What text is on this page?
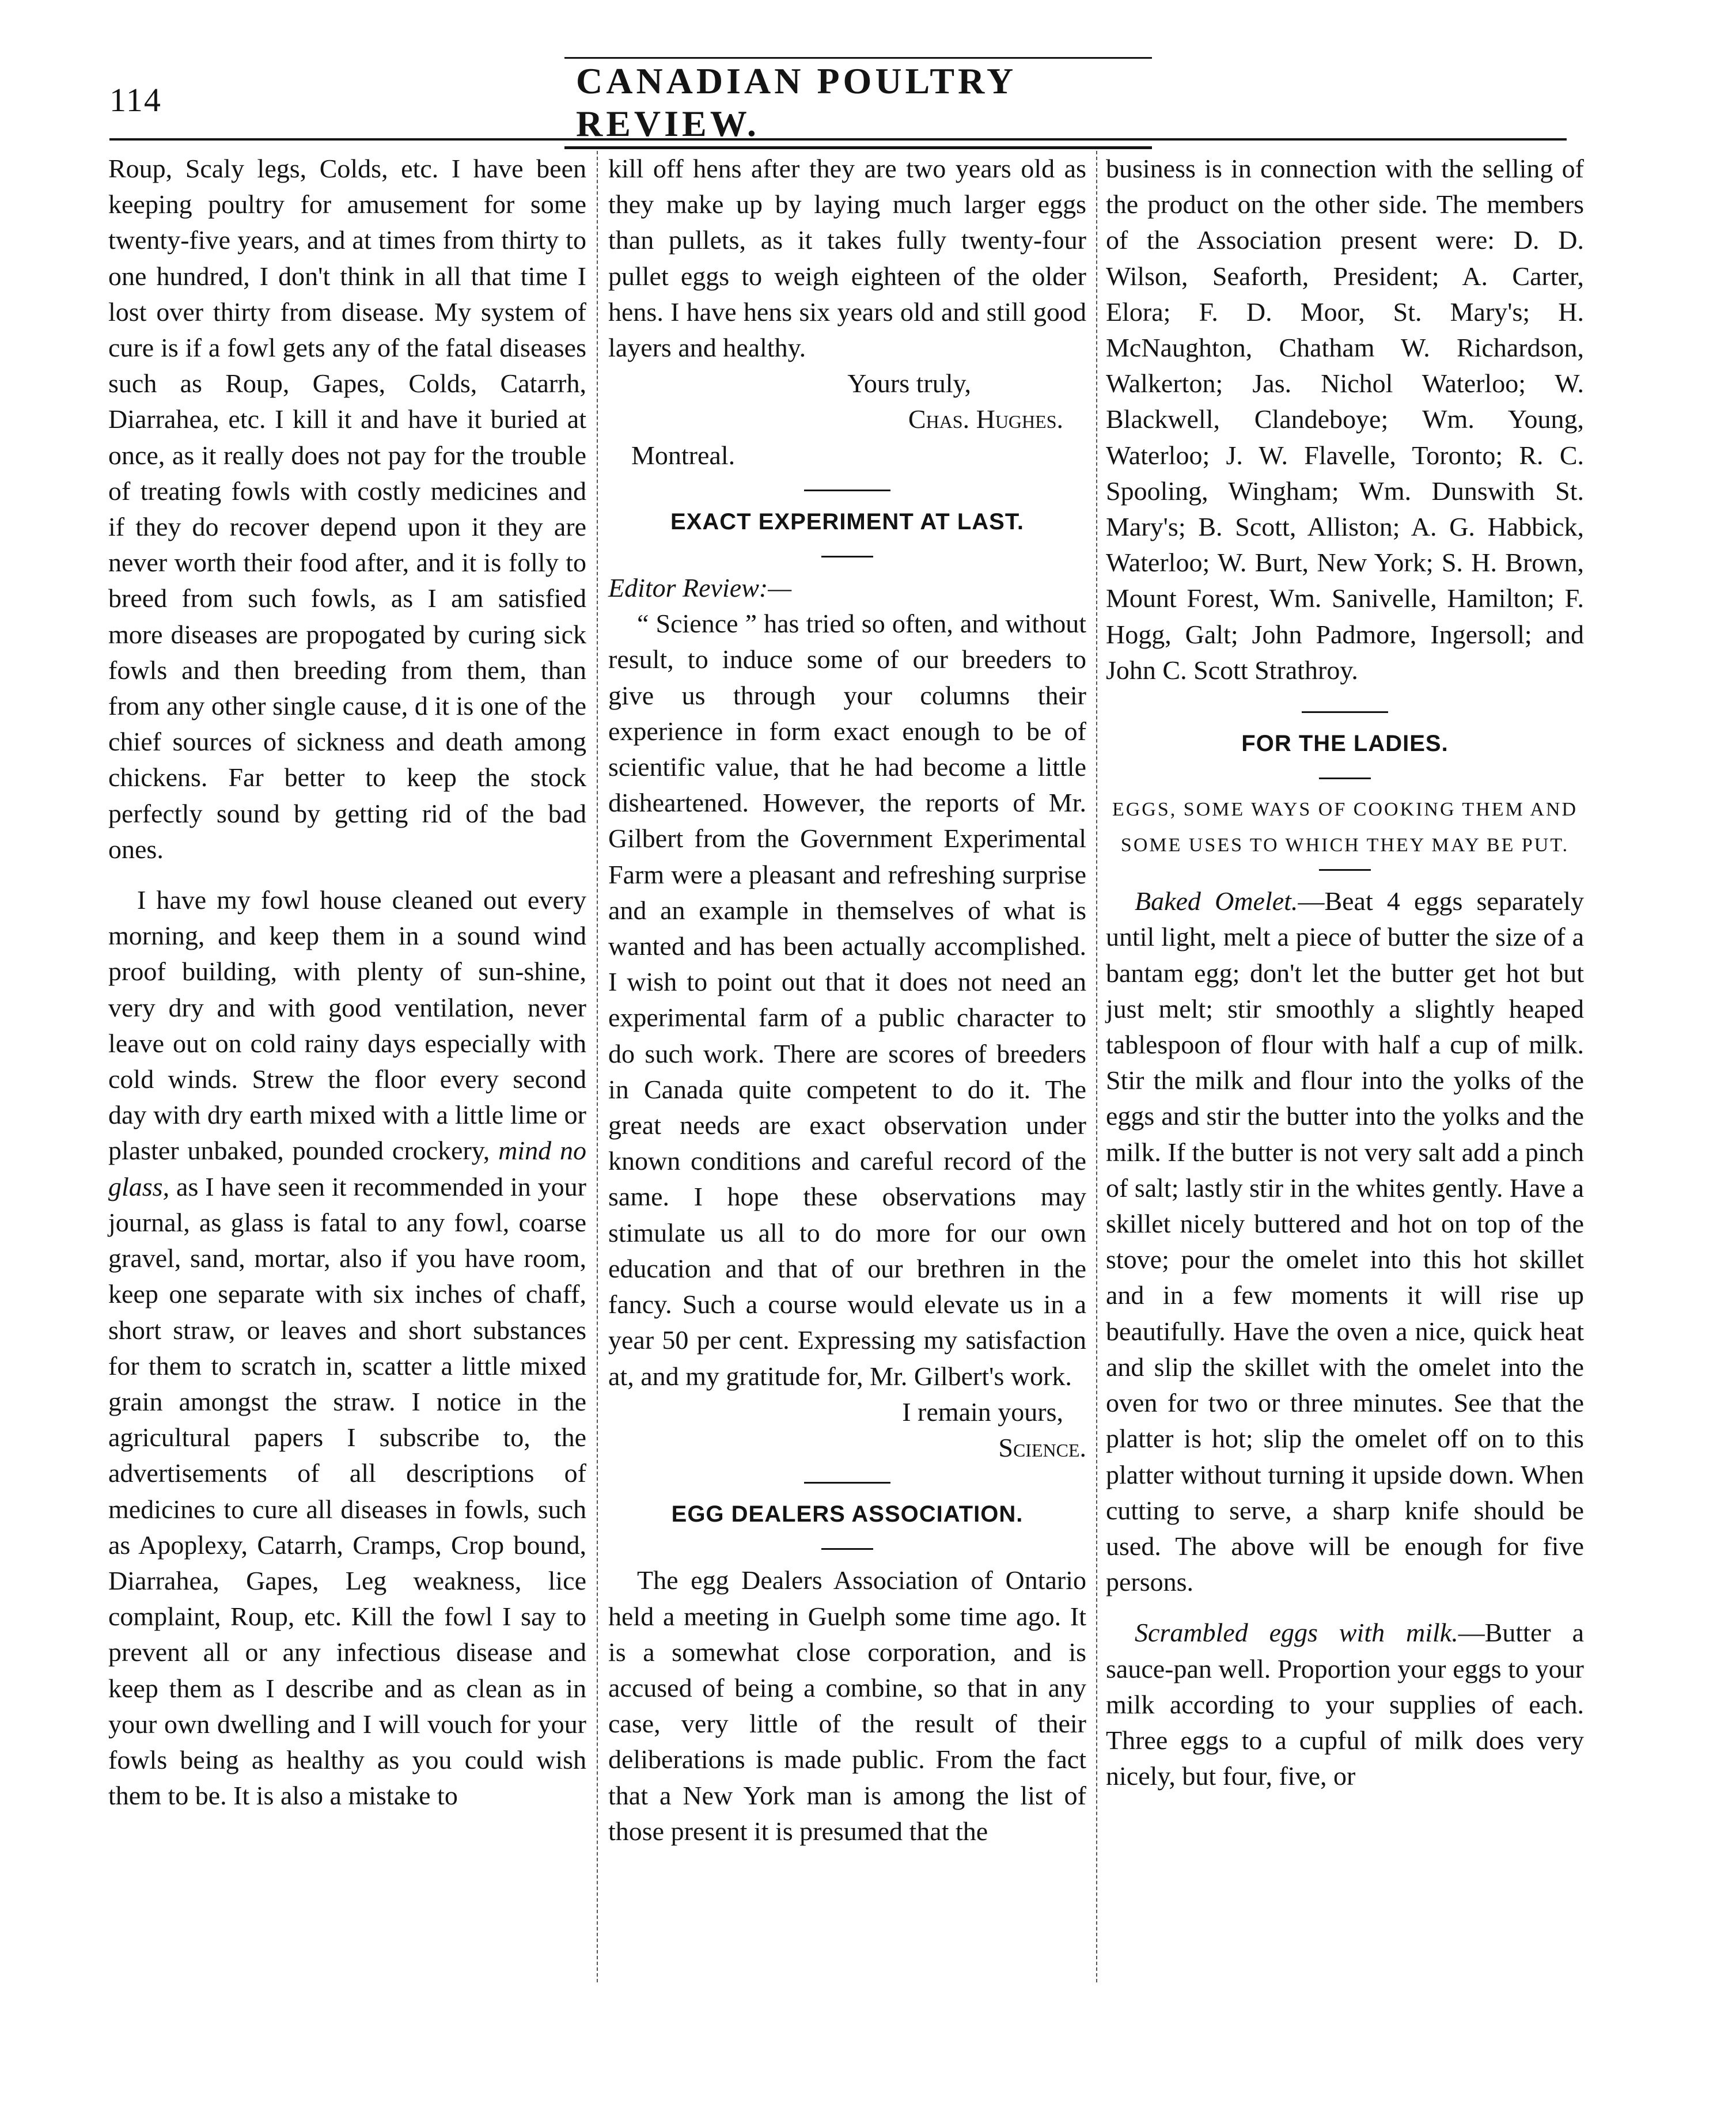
114	CANADIAN POULTRY REVIEW.

Roup, Scaly legs, Colds, etc. I have been keeping poultry for amusement for some twenty-five years, and at times from thirty to one hundred, I don't think in all that time I lost over thirty from disease. My system of cure is if a fowl gets any of the fatal diseases such as Roup, Gapes, Colds, Catarrh, Diarrahea, etc. I kill it and have it buried at once, as it really does not pay for the trouble of treating fowls with costly medicines and if they do recover depend upon it they are never worth their food after, and it is folly to breed from such fowls, as I am satisfied more diseases are propogated by curing sick fowls and then breeding from them, than from any other single cause, d it is one of the chief sources of sickness and death among chickens. Far better to keep the stock perfectly sound by getting rid of the bad ones.

I have my fowl house cleaned out every morning, and keep them in a sound wind proof building, with plenty of sun-shine, very dry and with good ventilation, never leave out on cold rainy days especially with cold winds. Strew the floor every second day with dry earth mixed with a little lime or plaster unbaked, pounded crockery, mind no glass, as I have seen it recommended in your journal, as glass is fatal to any fowl, coarse gravel, sand, mortar, also if you have room, keep one separate with six inches of chaff, short straw, or leaves and short substances for them to scratch in, scatter a little mixed grain amongst the straw. I notice in the agricultural papers I subscribe to, the advertisements of all descriptions of medicines to cure all diseases in fowls, such as Apoplexy, Catarrh, Cramps, Crop bound, Diarrahea, Gapes, Leg weakness, lice complaint, Roup, etc. Kill the fowl I say to prevent all or any infectious disease and keep them as I describe and as clean as in your own dwelling and I will vouch for your fowls being as healthy as you could wish them to be. It is also a mistake to

kill off hens after they are two years old as they make up by laying much larger eggs than pullets, as it takes fully twenty-four pullet eggs to weigh eighteen of the older hens. I have hens six years old and still good layers and healthy.

Yours truly,

Chas. Hughes.

Montreal.

EXACT EXPERIMENT AT LAST.

Editor Review:—

“ Science ” has tried so often, and without result, to induce some of our breeders to give us through your columns their experience in form exact enough to be of scientific value, that he had become a little disheartened. However, the reports of Mr. Gilbert from the Government Experimental Farm were a pleasant and refreshing surprise and an example in themselves of what is wanted and has been actually accomplished. I wish to point out that it does not need an experimental farm of a public character to do such work. There are scores of breeders in Canada quite competent to do it. The great needs are exact observation under known conditions and careful record of the same. I hope these observations may stimulate us all to do more for our own education and that of our brethren in the fancy. Such a course would elevate us in a year 50 per cent. Expressing my satisfaction at, and my gratitude for, Mr. Gilbert's work.

I remain yours,

Science.

EGG DEALERS ASSOCIATION.

The egg Dealers Association of Ontario held a meeting in Guelph some time ago. It is a somewhat close corporation, and is accused of being a combine, so that in any case, very little of the result of their deliberations is made public. From the fact that a New York man is among the list of those present it is presumed that the

business is in connection with the selling of the product on the other side. The members of the Association present were: D. D. Wilson, Seaforth, President; A. Carter, Elora; F. D. Moor, St. Mary's; H. McNaughton, Chatham W. Richardson, Walkerton; Jas. Nichol Waterloo; W. Blackwell, Clandeboye; Wm. Young, Waterloo; J. W. Flavelle, Toronto; R. C. Spooling, Wingham; Wm. Dunswith St. Mary's; B. Scott, Alliston; A. G. Habbick, Waterloo; W. Burt, New York; S. H. Brown, Mount Forest, Wm. Sanivelle, Hamilton; F. Hogg, Galt; John Padmore, Ingersoll; and John C. Scott Strathroy.

FOR THE LADIES.

EGGS, SOME WAYS OF COOKING THEM AND SOME USES TO WHICH THEY MAY BE PUT.

Baked Omelet.—Beat 4 eggs separately until light, melt a piece of butter the size of a bantam egg; don't let the butter get hot but just melt; stir smoothly a slightly heaped tablespoon of flour with half a cup of milk. Stir the milk and flour into the yolks of the eggs and stir the butter into the yolks and the milk. If the butter is not very salt add a pinch of salt; lastly stir in the whites gently. Have a skillet nicely buttered and hot on top of the stove; pour the omelet into this hot skillet and in a few moments it will rise up beautifully. Have the oven a nice, quick heat and slip the skillet with the omelet into the oven for two or three minutes. See that the platter is hot; slip the omelet off on to this platter without turning it upside down. When cutting to serve, a sharp knife should be used. The above will be enough for five persons.

Scrambled eggs with milk.—Butter a sauce-pan well. Proportion your eggs to your milk according to your supplies of each. Three eggs to a cupful of milk does very nicely, but four, five, or
